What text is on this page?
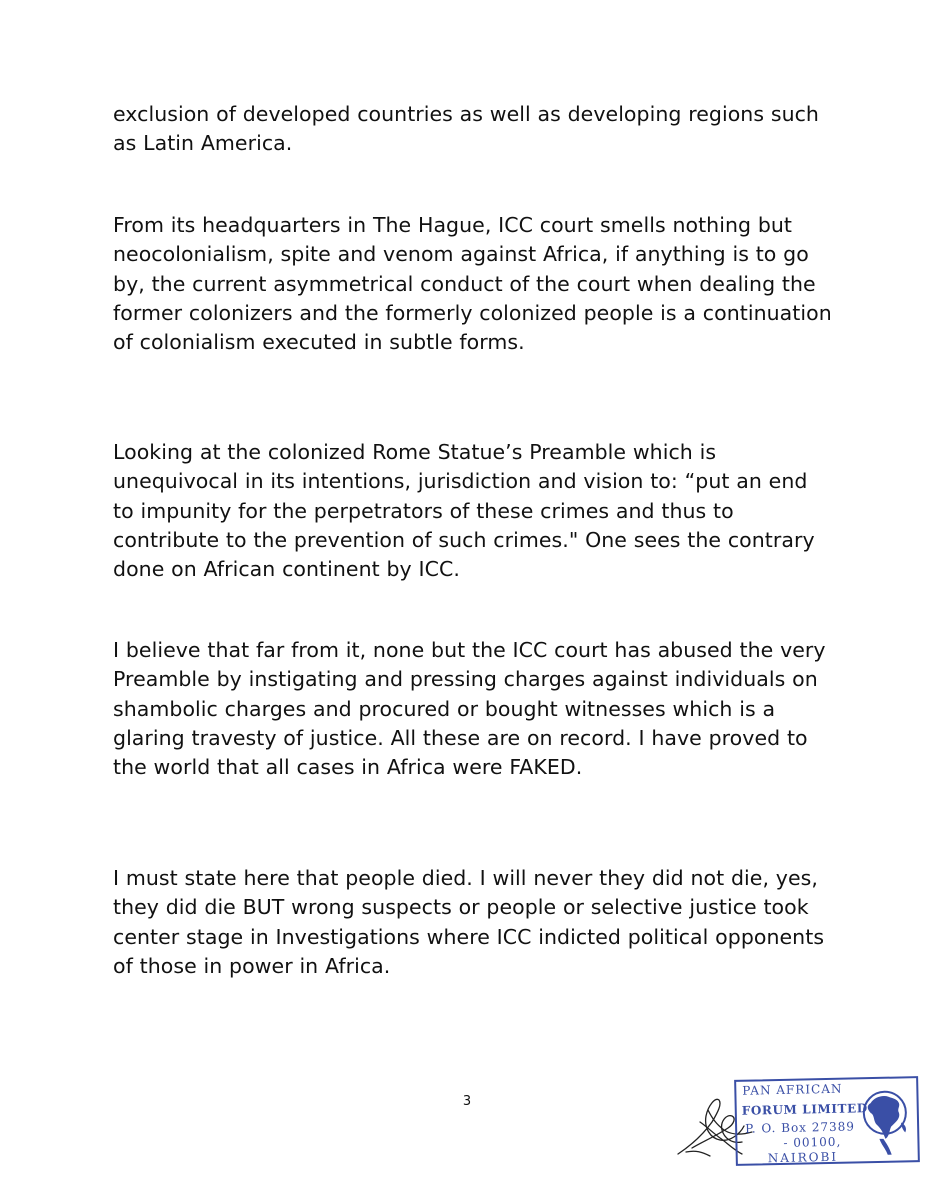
exclusion of developed countries as well as developing regions such as Latin America.

From its headquarters in The Hague, ICC court smells nothing but neocolonialism, spite and venom against Africa, if anything is to go by, the current asymmetrical conduct of the court when dealing the former colonizers and the formerly colonized people is a continuation of colonialism executed in subtle forms.

Looking at the colonized Rome Statue’s Preamble which is unequivocal in its intentions, jurisdiction and vision to: “put an end to impunity for the perpetrators of these crimes and thus to contribute to the prevention of such crimes." One sees the contrary done on African continent by ICC.

I believe that far from it, none but the ICC court has abused the very Preamble by instigating and pressing charges against individuals on shambolic charges and procured or bought witnesses which is a glaring travesty of justice. All these are on record. I have proved to the world that all cases in Africa were FAKED.

I must state here that people died. I will never they did not die, yes, they did die BUT wrong suspects or people or selective justice took center stage in Investigations where ICC indicted political opponents of those in power in Africa.

3
PAN AFRICAN
FORUM LIMITED
P. O. Box 27389
- 00100,
NAIROBI
